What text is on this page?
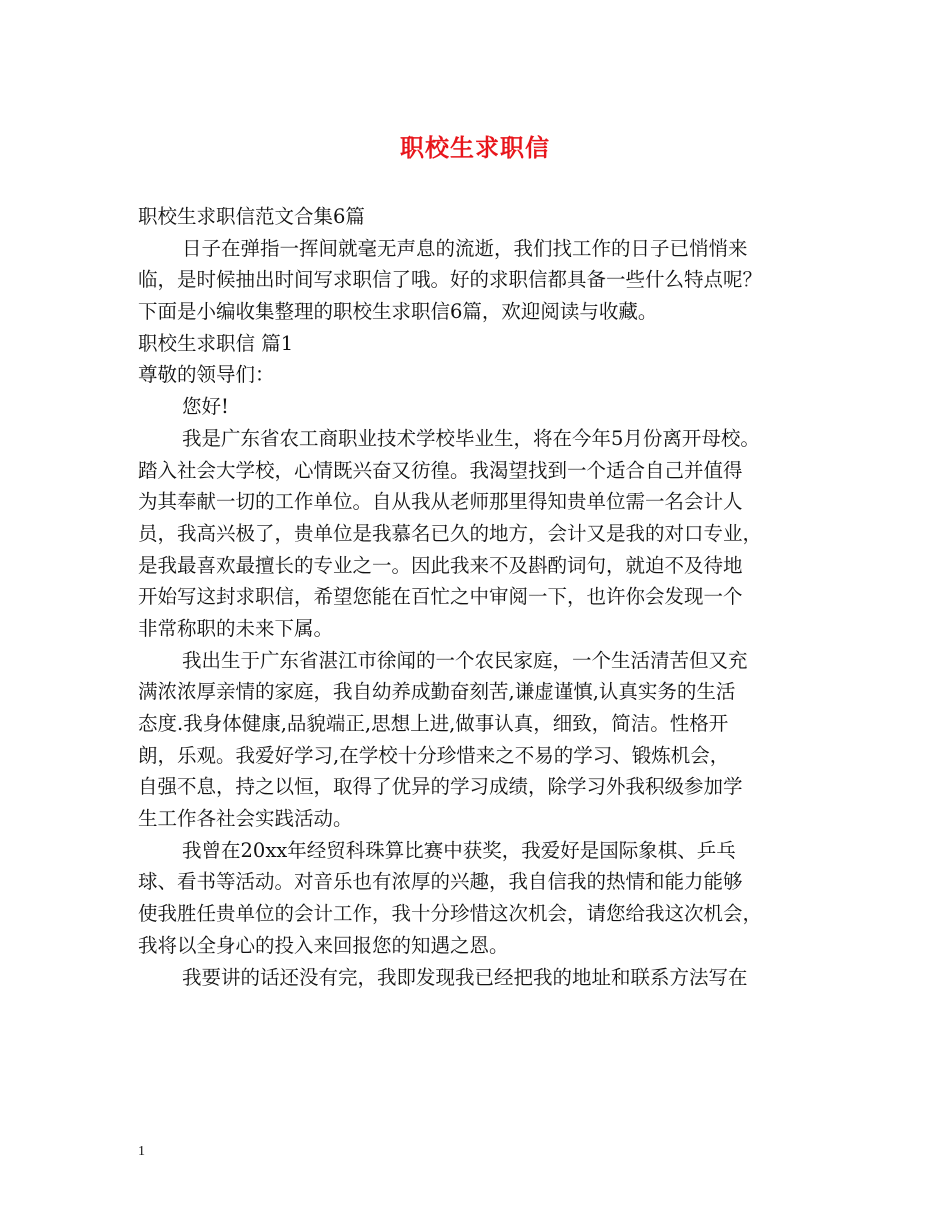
职校生求职信
职校生求职信范文合集6篇
日子在弹指一挥间就毫无声息的流逝，我们找工作的日子已悄悄来
临，是时候抽出时间写求职信了哦。好的求职信都具备一些什么特点呢？
下面是小编收集整理的职校生求职信6篇，欢迎阅读与收藏。
职校生求职信 篇1
尊敬的领导们：
您好!
我是广东省农工商职业技术学校毕业生，将在今年5月份离开母校。
踏入社会大学校，心情既兴奋又彷徨。我渴望找到一个适合自己并值得
为其奉献一切的工作单位。自从我从老师那里得知贵单位需一名会计人
员，我高兴极了，贵单位是我慕名已久的地方，会计又是我的对口专业，
是我最喜欢最擅长的专业之一。因此我来不及斟酌词句，就迫不及待地
开始写这封求职信，希望您能在百忙之中审阅一下，也许你会发现一个
非常称职的未来下属。
我出生于广东省湛江市徐闻的一个农民家庭，一个生活清苦但又充
满浓浓厚亲情的家庭，我自幼养成勤奋刻苦,谦虚谨慎,认真实务的生活
态度.我身体健康,品貌端正,思想上进,做事认真，细致，简洁。性格开
朗，乐观。我爱好学习,在学校十分珍惜来之不易的学习、锻炼机会，
自强不息，持之以恒，取得了优异的学习成绩，除学习外我积级参加学
生工作各社会实践活动。
我曾在20xx年经贸科珠算比赛中获奖，我爱好是国际象棋、乒乓
球、看书等活动。对音乐也有浓厚的兴趣，我自信我的热情和能力能够
使我胜任贵单位的会计工作，我十分珍惜这次机会，请您给我这次机会，
我将以全身心的投入来回报您的知遇之恩。
我要讲的话还没有完，我即发现我已经把我的地址和联系方法写在
1
